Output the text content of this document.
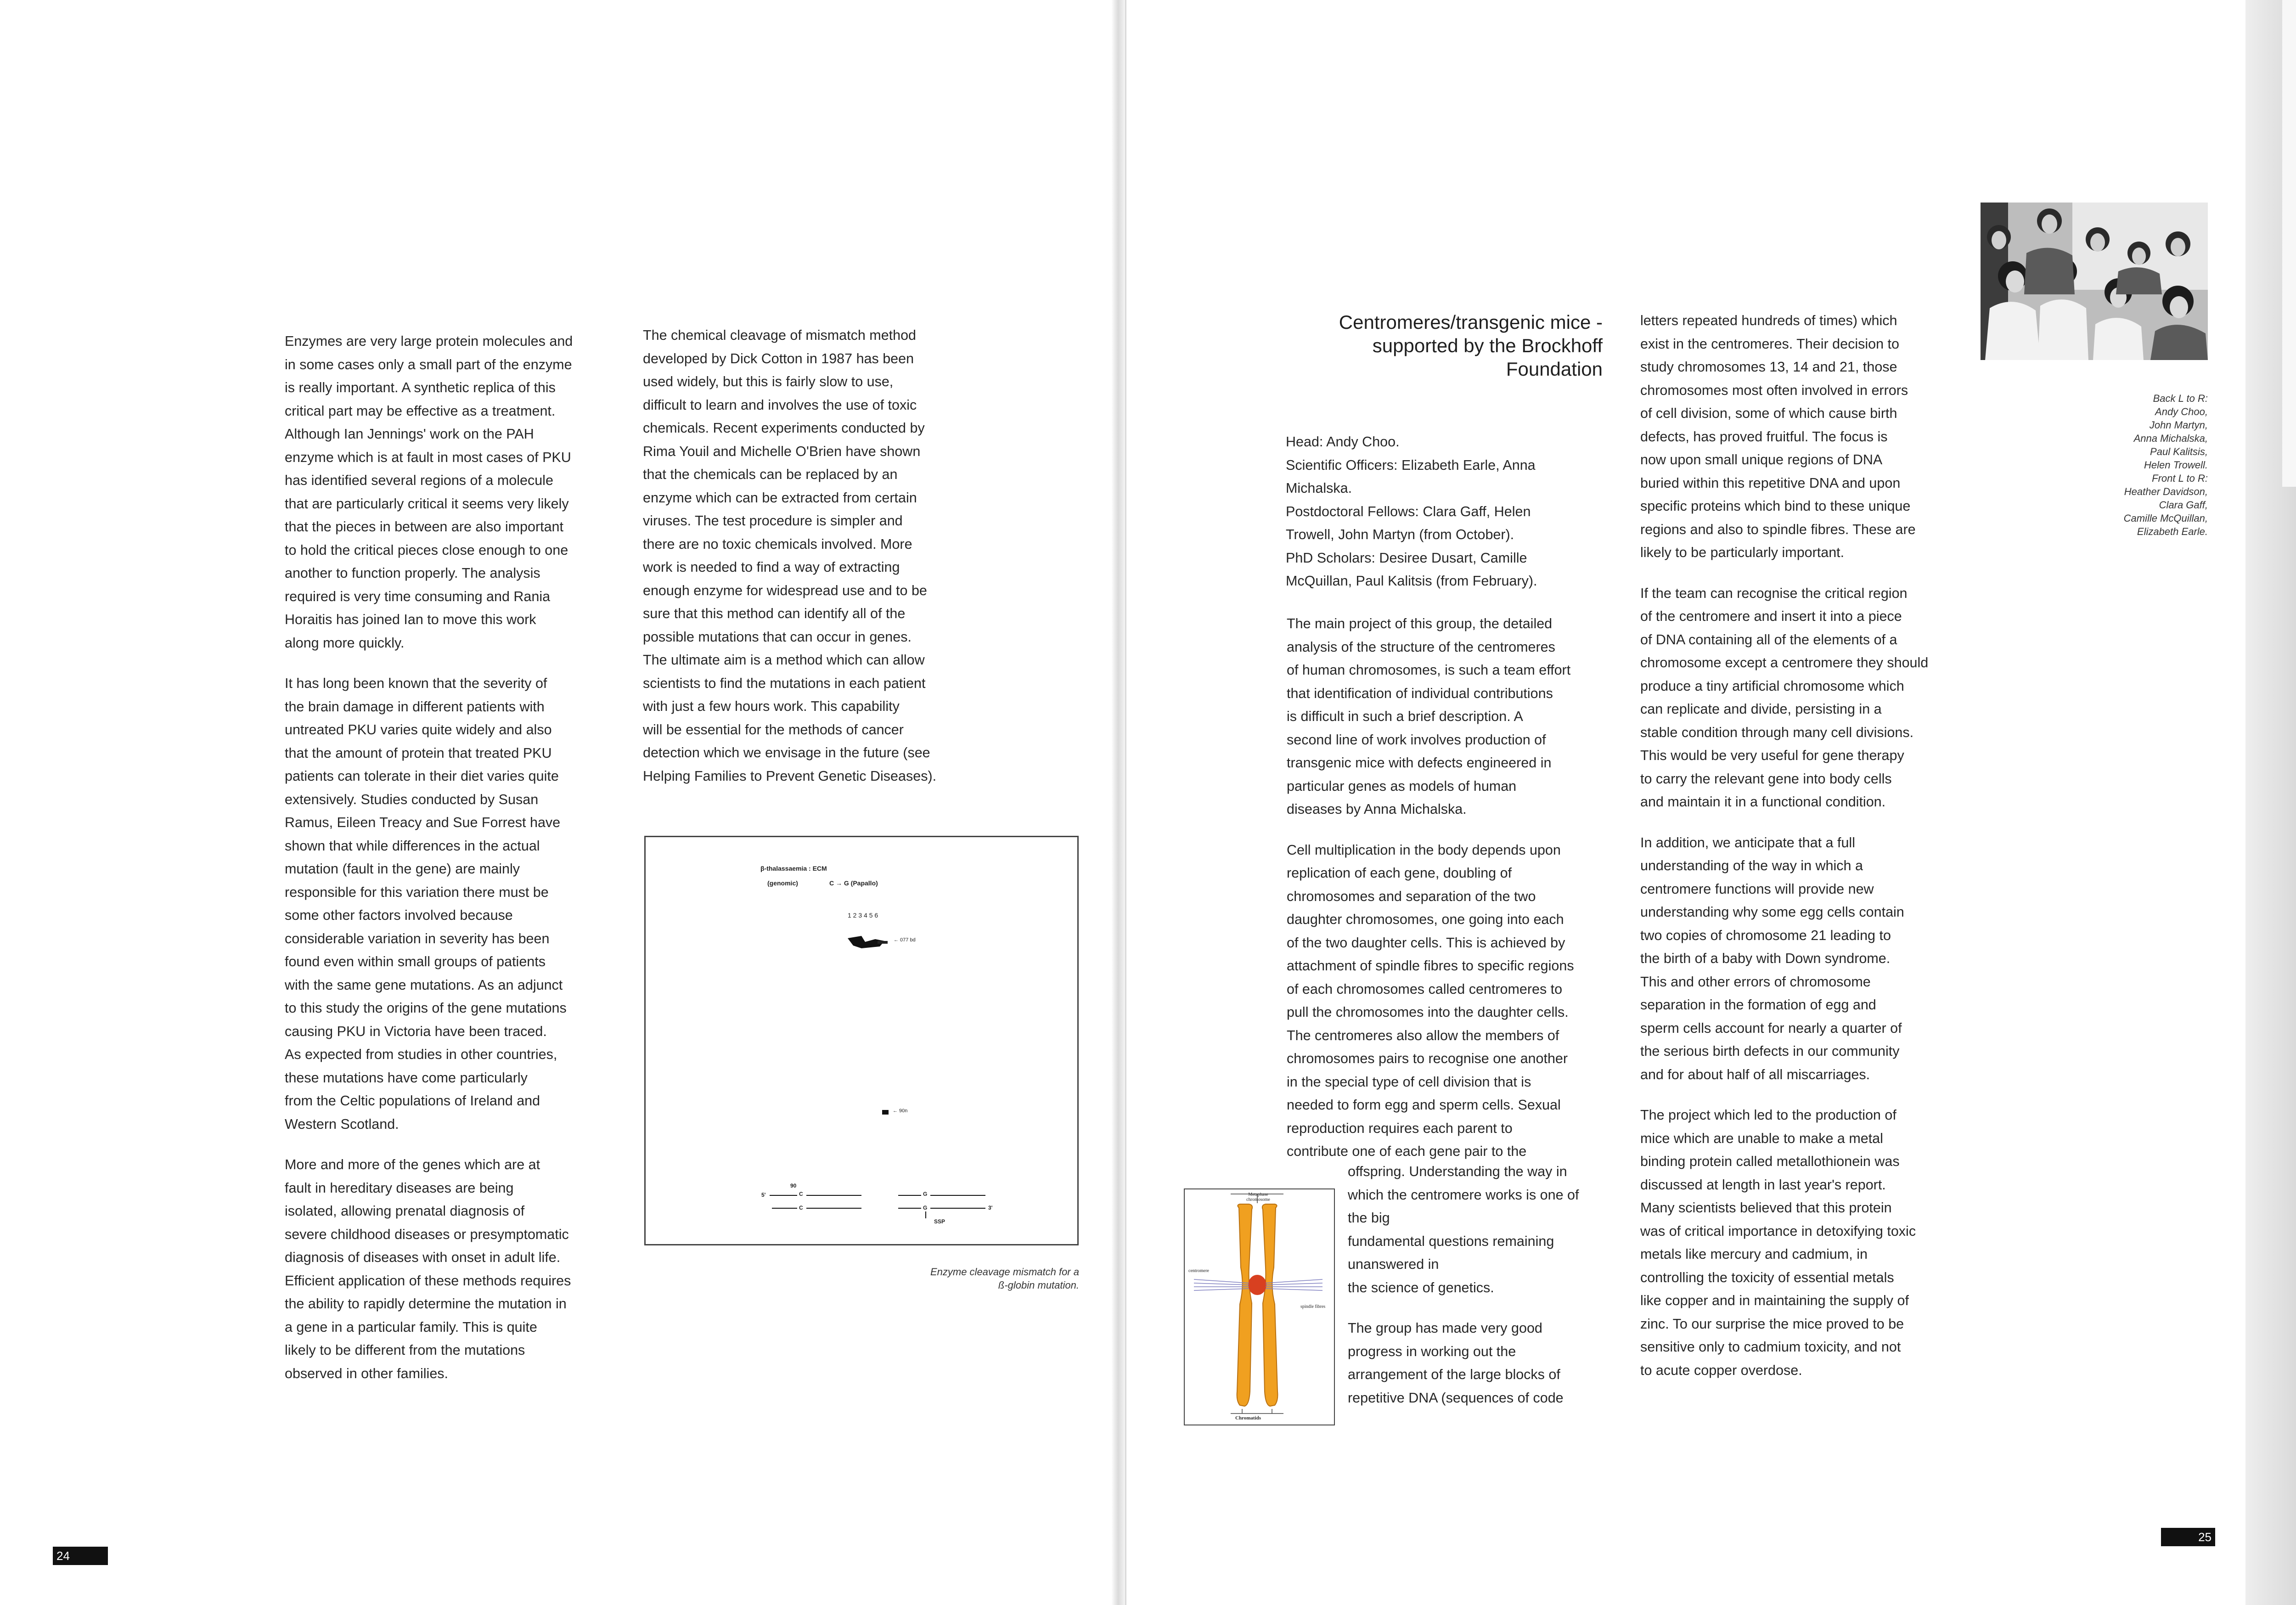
Enzymes are very large protein molecules and
in some cases only a small part of the enzyme
is really important. A synthetic replica of this
critical part may be effective as a treatment.
Although Ian Jennings' work on the PAH
enzyme which is at fault in most cases of PKU
has identified several regions of a molecule
that are particularly critical it seems very likely
that the pieces in between are also important
to hold the critical pieces close enough to one
another to function properly. The analysis
required is very time consuming and Rania
Horaitis has joined Ian to move this work
along more quickly.

It has long been known that the severity of
the brain damage in different patients with
untreated PKU varies quite widely and also
that the amount of protein that treated PKU
patients can tolerate in their diet varies quite
extensively. Studies conducted by Susan
Ramus, Eileen Treacy and Sue Forrest have
shown that while differences in the actual
mutation (fault in the gene) are mainly
responsible for this variation there must be
some other factors involved because
considerable variation in severity has been
found even within small groups of patients
with the same gene mutations. As an adjunct
to this study the origins of the gene mutations
causing PKU in Victoria have been traced.
As expected from studies in other countries,
these mutations have come particularly
from the Celtic populations of Ireland and
Western Scotland.

More and more of the genes which are at
fault in hereditary diseases are being
isolated, allowing prenatal diagnosis of
severe childhood diseases or presymptomatic
diagnosis of diseases with onset in adult life.
Efficient application of these methods requires
the ability to rapidly determine the mutation in
a gene in a particular family. This is quite
likely to be different from the mutations
observed in other families.

The chemical cleavage of mismatch method
developed by Dick Cotton in 1987 has been
used widely, but this is fairly slow to use,
difficult to learn and involves the use of toxic
chemicals. Recent experiments conducted by
Rima Youil and Michelle O'Brien have shown
that the chemicals can be replaced by an
enzyme which can be extracted from certain
viruses. The test procedure is simpler and
there are no toxic chemicals involved. More
work is needed to find a way of extracting
enough enzyme for widespread use and to be
sure that this method can identify all of the
possible mutations that can occur in genes.
The ultimate aim is a method which can allow
scientists to find the mutations in each patient
with just a few hours work. This capability
will be essential for the methods of cancer
detection which we envisage in the future (see
Helping Families to Prevent Genetic Diseases).

β-thalassaemia : ECM
(genomic)	C → G (Papallo)
1 2 3 4 5 6
← 077 bd
← 90n
5'
90
C
C
G
G	3'
SSP
Enzyme cleavage mismatch for a
ß-globin mutation.
24
Centromeres/transgenic mice -
supported by the Brockhoff
Foundation
Head: Andy Choo.
Scientific Officers: Elizabeth Earle, Anna
Michalska.
Postdoctoral Fellows: Clara Gaff, Helen
Trowell, John Martyn (from October).
PhD Scholars: Desiree Dusart, Camille
McQuillan, Paul Kalitsis (from February).

The main project of this group, the detailed
analysis of the structure of the centromeres
of human chromosomes, is such a team effort
that identification of individual contributions
is difficult in such a brief description. A
second line of work involves production of
transgenic mice with defects engineered in
particular genes as models of human
diseases by Anna Michalska.

Cell multiplication in the body depends upon
replication of each gene, doubling of
chromosomes and separation of the two
daughter chromosomes, one going into each
of the two daughter cells. This is achieved by
attachment of spindle fibres to specific regions
of each chromosomes called centromeres to
pull the chromosomes into the daughter cells.
The centromeres also allow the members of
chromosomes pairs to recognise one another
in the special type of cell division that is
needed to form egg and sperm cells. Sexual
reproduction requires each parent to
contribute one of each gene pair to the

offspring. Understanding the way in
which the centromere works is one of
the big
fundamental questions remaining
unanswered in
the science of genetics.

The group has made very good
progress in working out the
arrangement of the large blocks of
repetitive DNA (sequences of code

Metaphase
chromosome
centromere
spindle fibres
Chromatids

letters repeated hundreds of times) which
exist in the centromeres. Their decision to
study chromosomes 13, 14 and 21, those
chromosomes most often involved in errors
of cell division, some of which cause birth
defects, has proved fruitful. The focus is
now upon small unique regions of DNA
buried within this repetitive DNA and upon
specific proteins which bind to these unique
regions and also to spindle fibres. These are
likely to be particularly important.

If the team can recognise the critical region
of the centromere and insert it into a piece
of DNA containing all of the elements of a
chromosome except a centromere they should
produce a tiny artificial chromosome which
can replicate and divide, persisting in a
stable condition through many cell divisions.
This would be very useful for gene therapy
to carry the relevant gene into body cells
and maintain it in a functional condition.

In addition, we anticipate that a full
understanding of the way in which a
centromere functions will provide new
understanding why some egg cells contain
two copies of chromosome 21 leading to
the birth of a baby with Down syndrome.
This and other errors of chromosome
separation in the formation of egg and
sperm cells account for nearly a quarter of
the serious birth defects in our community
and for about half of all miscarriages.

The project which led to the production of
mice which are unable to make a metal
binding protein called metallothionein was
discussed at length in last year's report.
Many scientists believed that this protein
was of critical importance in detoxifying toxic
metals like mercury and cadmium, in
controlling the toxicity of essential metals
like copper and in maintaining the supply of
zinc. To our surprise the mice proved to be
sensitive only to cadmium toxicity, and not
to acute copper overdose.

Back L to R:
Andy Choo,
John Martyn,
Anna Michalska,
Paul Kalitsis,
Helen Trowell.
Front L to R:
Heather Davidson,
Clara Gaff,
Camille McQuillan,
Elizabeth Earle.
25
